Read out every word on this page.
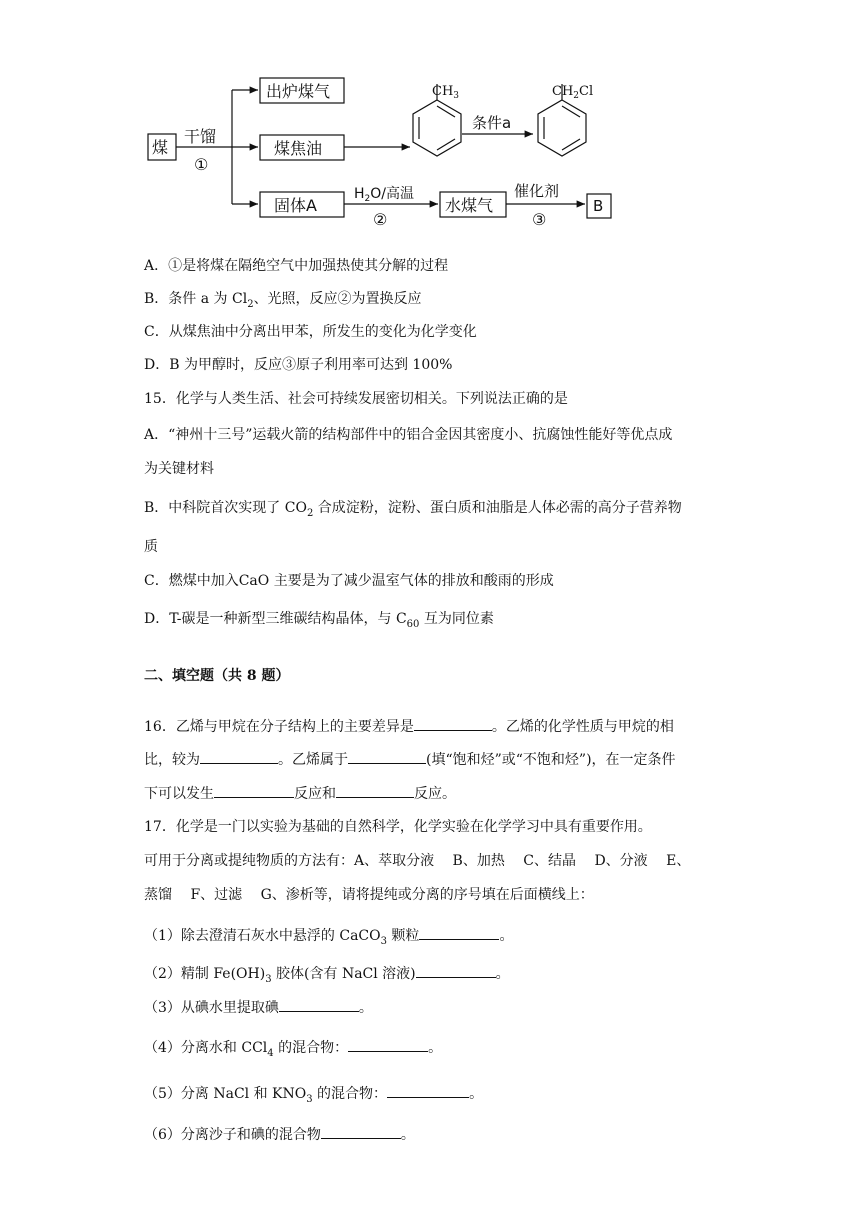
煤
干馏
①
出炉煤气
煤焦油
固体A
$CH_3$
条件a
$CH_2Cl$
$H_2O/$高温
②
水煤气
催化剂
③
B
A．①是将煤在隔绝空气中加强热使其分解的过程
B．条件 a 为 $Cl_2$、光照，反应②为置换反应
C．从煤焦油中分离出甲苯，所发生的变化为化学变化
D．B 为甲醇时，反应③原子利用率可达到 100%
15．化学与人类生活、社会可持续发展密切相关。下列说法正确的是
A．“神州十三号”运载火箭的结构部件中的铝合金因其密度小、抗腐蚀性能好等优点成
为关键材料
B．中科院首次实现了 $CO_2$ 合成淀粉，淀粉、蛋白质和油脂是人体必需的高分子营养物
质
C．燃煤中加入CaO 主要是为了减少温室气体的排放和酸雨的形成
D．T-碳是一种新型三维碳结构晶体，与 $C_{60}$ 互为同位素
二、填空题（共 8 题）
16．乙烯与甲烷在分子结构上的主要差异是	。乙烯的化学性质与甲烷的相
比，较为	。乙烯属于	(填“饱和烃”或“不饱和烃”)，在一定条件
下可以发生	反应和	反应。
17．化学是一门以实验为基础的自然科学，化学实验在化学学习中具有重要作用。
可用于分离或提纯物质的方法有：A、萃取分液　 B、加热　 C、结晶　 D、分液　 E、
蒸馏　 F、过滤　 G、渗析等，请将提纯或分离的序号填在后面横线上：
（1）除去澄清石灰水中悬浮的 CaCO$_3$ 颗粒	。
（2）精制 $Fe(OH)_3$ 胶体(含有 NaCl 溶液)	。
（3）从碘水里提取碘	。
（4）分离水和 CCl$_4$ 的混合物：	。
（5）分离 NaCl 和 $KNO_3$ 的混合物：	。
（6）分离沙子和碘的混合物	。
